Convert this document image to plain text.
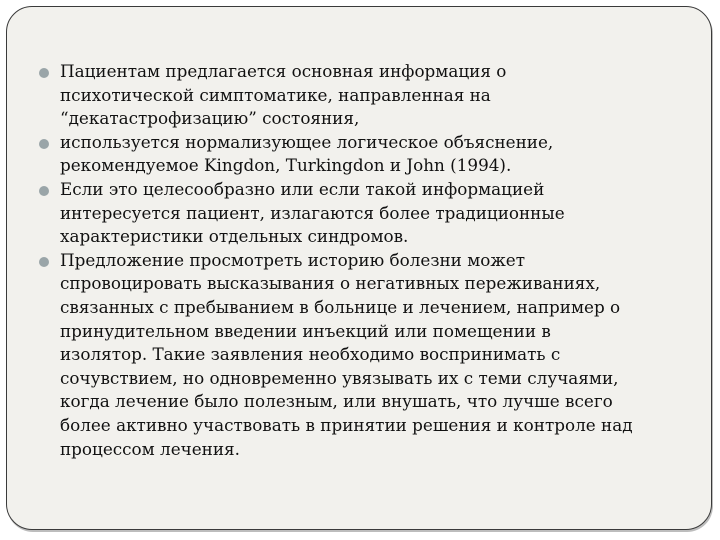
Пациентам предлагается основная информация о
психотической симптоматике, направленная на
“декатастрофизацию” состояния,
используется нормализующее логическое объяснение,
рекомендуемое Kingdon, Turkingdon и John (1994).
Если это целесообразно или если такой информацией
интересуется пациент, излагаются более традиционные
характеристики отдельных синдромов.
Предложение просмотреть историю болезни может
спровоцировать высказывания о негативных переживаниях,
связанных с пребыванием в больнице и лечением, например о
принудительном введении инъекций или помещении в
изолятор. Такие заявления необходимо воспринимать с
сочувствием, но одновременно увязывать их с теми случаями,
когда лечение было полезным, или внушать, что лучше всего
более активно участвовать в принятии решения и контроле над
процессом лечения.
